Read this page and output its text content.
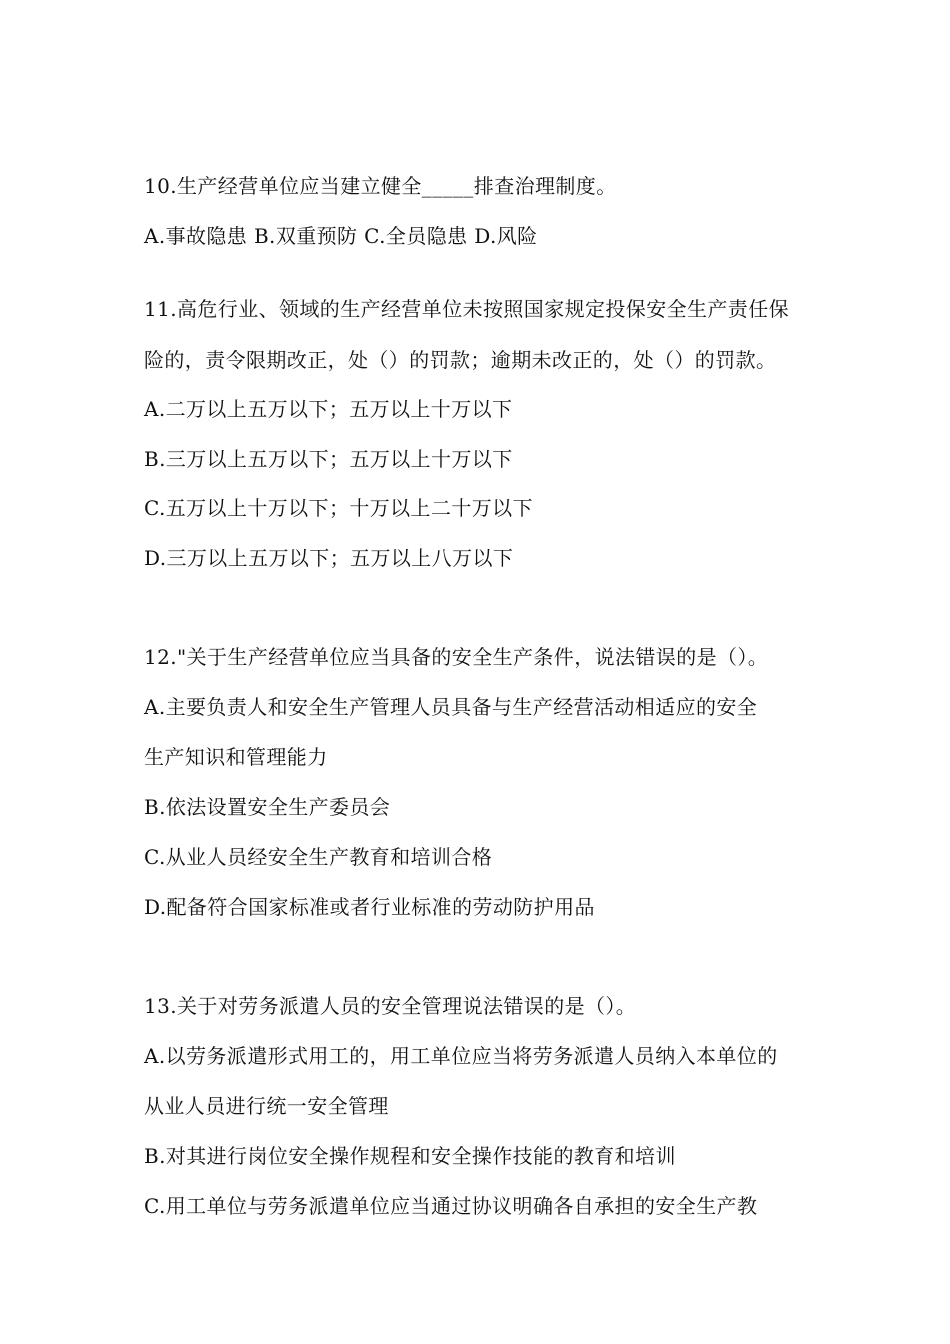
10.生产经营单位应当建立健全_____排查治理制度。
A.事故隐患 B.双重预防 C.全员隐患 D.风险
11.高危行业、领域的生产经营单位未按照国家规定投保安全生产责任保
险的，责令限期改正，处（）的罚款；逾期未改正的，处（）的罚款。
A.二万以上五万以下；五万以上十万以下
B.三万以上五万以下；五万以上十万以下
C.五万以上十万以下；十万以上二十万以下
D.三万以上五万以下；五万以上八万以下
12."关于生产经营单位应当具备的安全生产条件，说法错误的是（）。
A.主要负责人和安全生产管理人员具备与生产经营活动相适应的安全
生产知识和管理能力
B.依法设置安全生产委员会
C.从业人员经安全生产教育和培训合格
D.配备符合国家标准或者行业标准的劳动防护用品
13.关于对劳务派遣人员的安全管理说法错误的是（）。
A.以劳务派遣形式用工的，用工单位应当将劳务派遣人员纳入本单位的
从业人员进行统一安全管理
B.对其进行岗位安全操作规程和安全操作技能的教育和培训
C.用工单位与劳务派遣单位应当通过协议明确各自承担的安全生产教
